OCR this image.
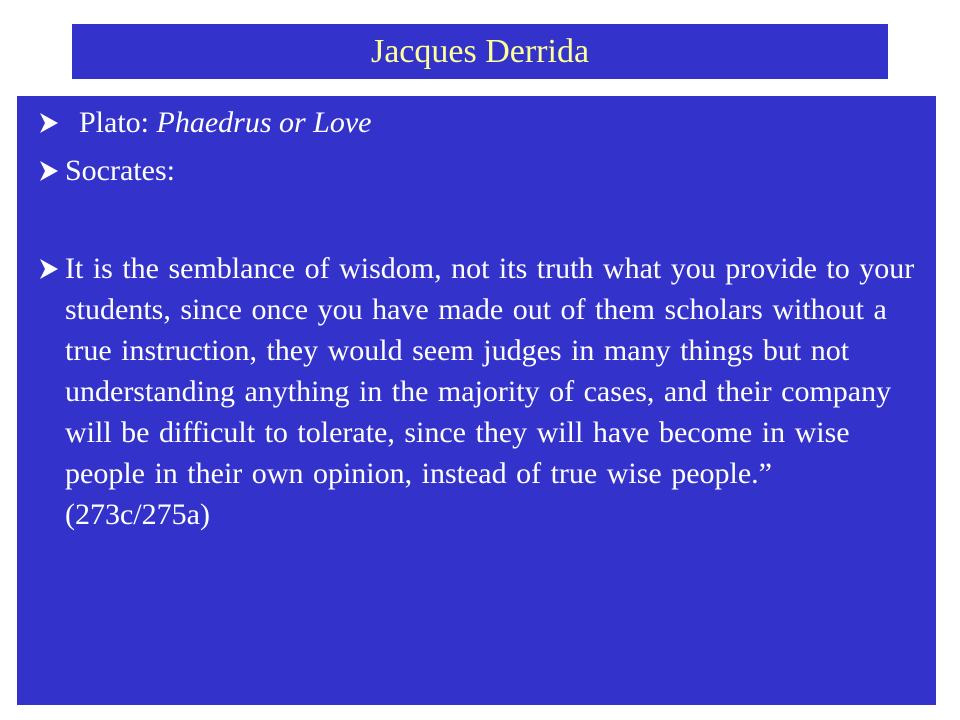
Jacques Derrida
Plato: Phaedrus or Love
Socrates:
It is the semblance of wisdom, not its truth what you provide to your students, since once you have made out of them scholars without a true instruction, they would seem judges in many things but not understanding anything in the majority of cases, and their company will be difficult to tolerate, since they will have become in wise people in their own opinion, instead of true wise people.” (273c/275a)
